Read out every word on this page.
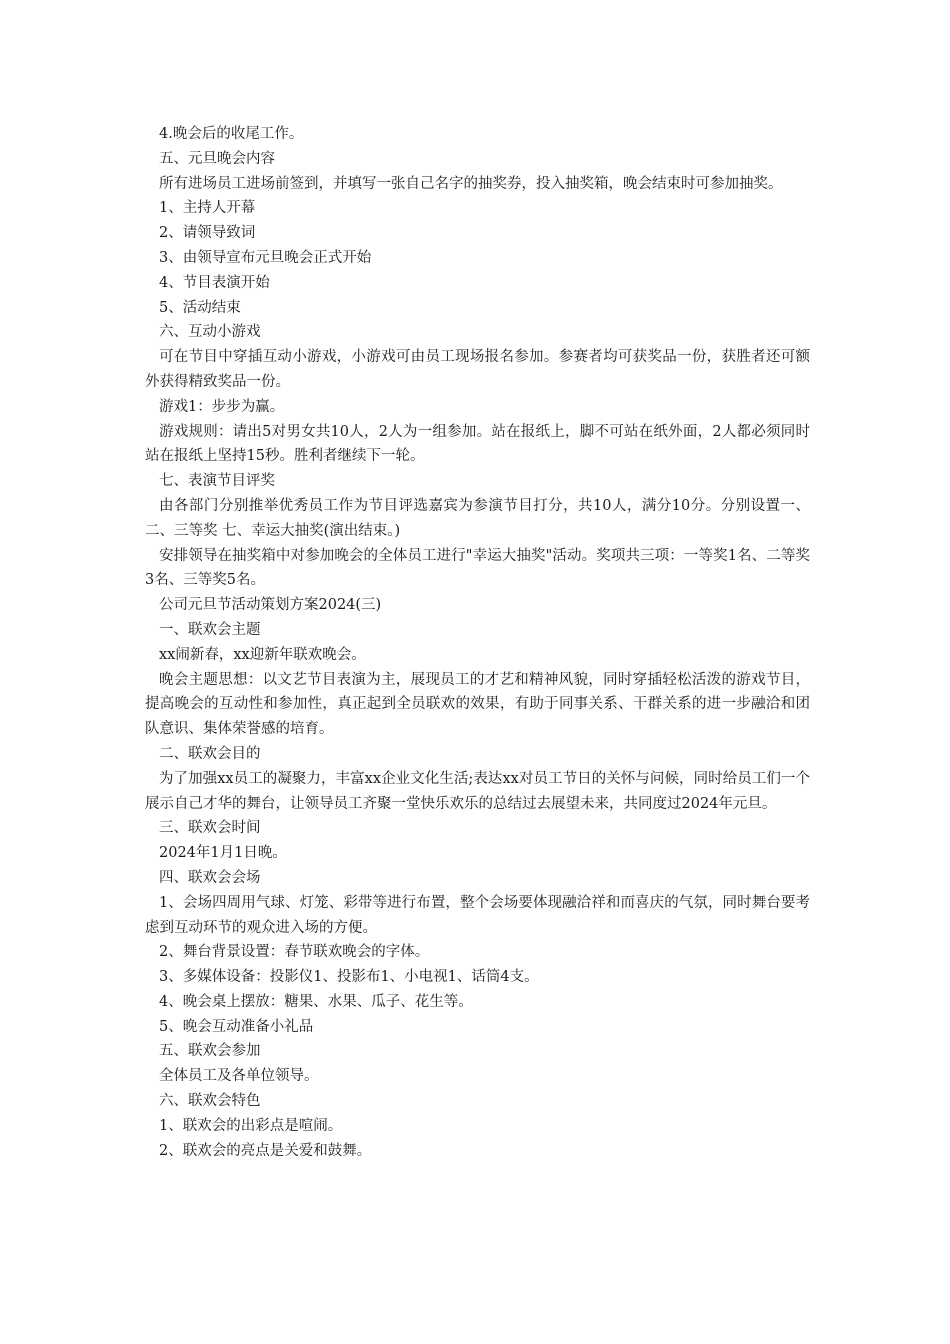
4.晚会后的收尾工作。

五、元旦晚会内容

所有进场员工进场前签到，并填写一张自己名字的抽奖券，投入抽奖箱，晚会结束时可参加抽奖。

1、主持人开幕

2、请领导致词

3、由领导宣布元旦晚会正式开始

4、节目表演开始

5、活动结束

六、互动小游戏

可在节目中穿插互动小游戏，小游戏可由员工现场报名参加。参赛者均可获奖品一份，获胜者还可额外获得精致奖品一份。

游戏1：步步为赢。

游戏规则：请出5对男女共10人，2人为一组参加。站在报纸上，脚不可站在纸外面，2人都必须同时站在报纸上坚持15秒。胜利者继续下一轮。

七、表演节目评奖

由各部门分别推举优秀员工作为节目评选嘉宾为参演节目打分，共10人，满分10分。分别设置一、二、三等奖 七、幸运大抽奖(演出结束。)

安排领导在抽奖箱中对参加晚会的全体员工进行"幸运大抽奖"活动。奖项共三项：一等奖1名、二等奖3名、三等奖5名。

公司元旦节活动策划方案2024(三)

一、联欢会主题

xx闹新春，xx迎新年联欢晚会。

晚会主题思想：以文艺节目表演为主，展现员工的才艺和精神风貌，同时穿插轻松活泼的游戏节目，提高晚会的互动性和参加性，真正起到全员联欢的效果，有助于同事关系、干群关系的进一步融洽和团队意识、集体荣誉感的培育。

二、联欢会目的

为了加强xx员工的凝聚力，丰富xx企业文化生活;表达xx对员工节日的关怀与问候，同时给员工们一个展示自己才华的舞台，让领导员工齐聚一堂快乐欢乐的总结过去展望未来，共同度过2024年元旦。

三、联欢会时间

2024年1月1日晚。

四、联欢会会场

1、会场四周用气球、灯笼、彩带等进行布置，整个会场要体现融洽祥和而喜庆的气氛，同时舞台要考虑到互动环节的观众进入场的方便。

2、舞台背景设置：春节联欢晚会的字体。

3、多媒体设备：投影仪1、投影布1、小电视1、话筒4支。

4、晚会桌上摆放：糖果、水果、瓜子、花生等。

5、晚会互动准备小礼品

五、联欢会参加

全体员工及各单位领导。

六、联欢会特色

1、联欢会的出彩点是喧闹。

2、联欢会的亮点是关爱和鼓舞。
